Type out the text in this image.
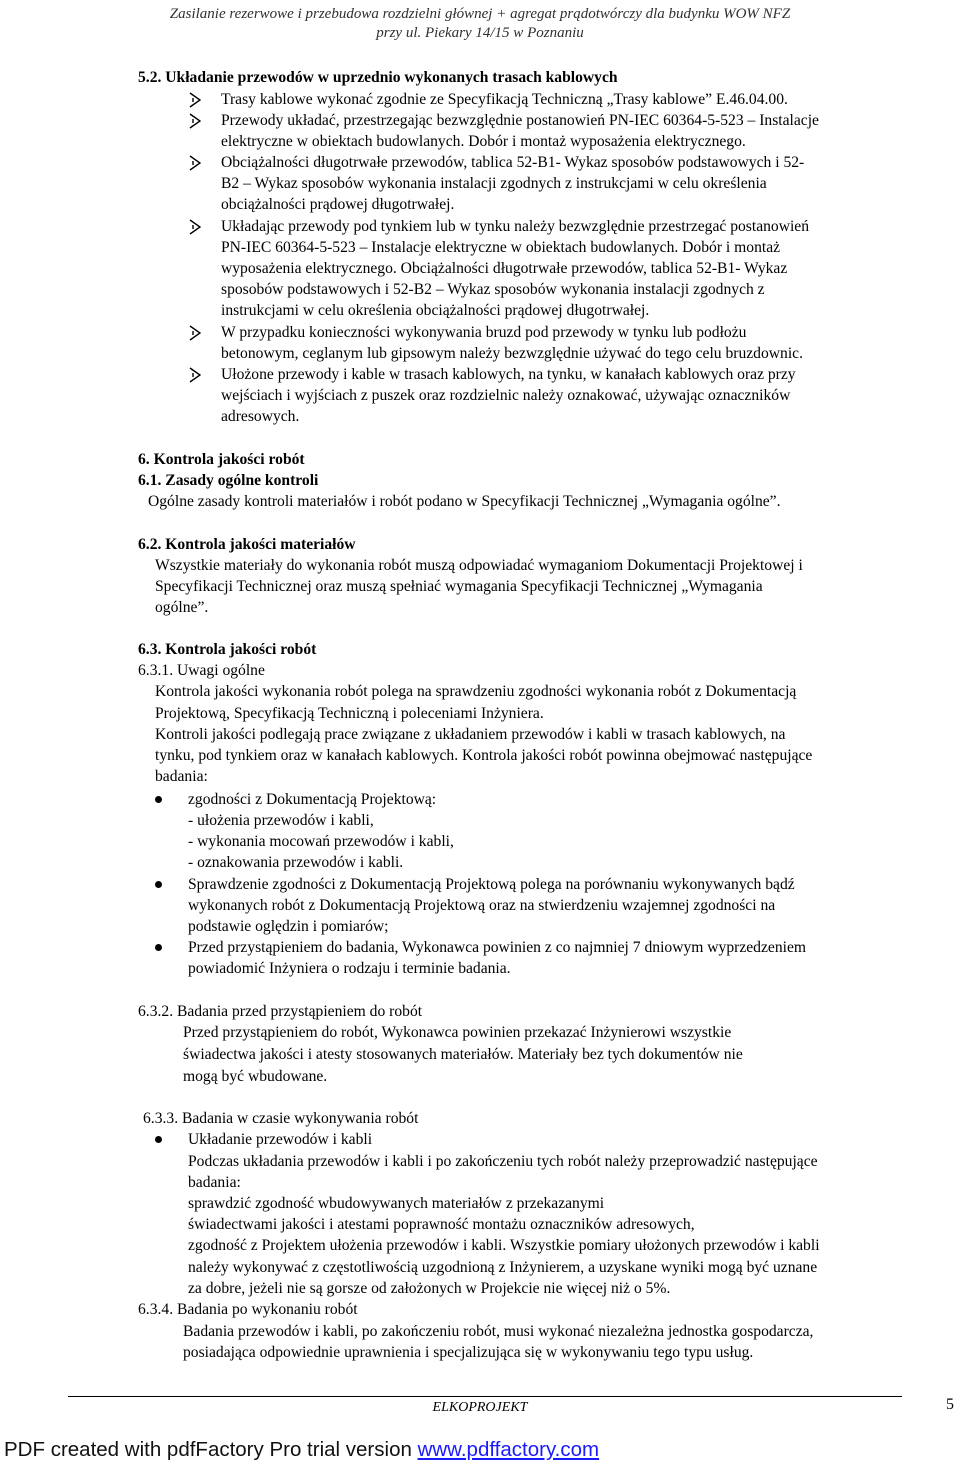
Zasilanie rezerwowe i przebudowa rozdzielni głównej + agregat prądotwórczy dla budynku WOW NFZ
przy ul. Piekary 14/15 w Poznaniu
5.2. Układanie przewodów w uprzednio wykonanych trasach kablowych
Trasy kablowe wykonać zgodnie ze Specyfikacją Techniczną „Trasy kablowe” E.46.04.00.
Przewody układać, przestrzegając bezwzględnie postanowień PN-IEC 60364-5-523 – Instalacje
elektryczne w obiektach budowlanych. Dobór i montaż wyposażenia elektrycznego.
Obciążalności długotrwałe przewodów, tablica 52-B1- Wykaz sposobów podstawowych i 52-
B2 – Wykaz sposobów wykonania instalacji zgodnych z instrukcjami w celu określenia
obciążalności prądowej długotrwałej.
Układając przewody pod tynkiem lub w tynku należy bezwzględnie przestrzegać postanowień
PN-IEC 60364-5-523 – Instalacje elektryczne w obiektach budowlanych. Dobór i montaż
wyposażenia elektrycznego. Obciążalności długotrwałe przewodów, tablica 52-B1- Wykaz
sposobów podstawowych i 52-B2 – Wykaz sposobów wykonania instalacji zgodnych z
instrukcjami w celu określenia obciążalności prądowej długotrwałej.
W przypadku konieczności wykonywania bruzd pod przewody w tynku lub podłożu
betonowym, ceglanym lub gipsowym należy bezwzględnie używać do tego celu bruzdownic.
Ułożone przewody i kable w trasach kablowych, na tynku, w kanałach kablowych oraz przy
wejściach i wyjściach z puszek oraz rozdzielnic należy oznakować, używając oznaczników
adresowych.
6. Kontrola jakości robót
6.1. Zasady ogólne kontroli
Ogólne zasady kontroli materiałów i robót podano w Specyfikacji Technicznej „Wymagania ogólne”.
6.2. Kontrola jakości materiałów
Wszystkie materiały do wykonania robót muszą odpowiadać wymaganiom Dokumentacji Projektowej i
Specyfikacji Technicznej oraz muszą spełniać wymagania Specyfikacji Technicznej „Wymagania
ogólne”.
6.3. Kontrola jakości robót
6.3.1. Uwagi ogólne
Kontrola jakości wykonania robót polega na sprawdzeniu zgodności wykonania robót z Dokumentacją
Projektową, Specyfikacją Techniczną i poleceniami Inżyniera.
Kontroli jakości podlegają prace związane z układaniem przewodów i kabli w trasach kablowych, na
tynku, pod tynkiem oraz w kanałach kablowych. Kontrola jakości robót powinna obejmować następujące
badania:
zgodności z Dokumentacją Projektową:
- ułożenia przewodów i kabli,
- wykonania mocowań przewodów i kabli,
- oznakowania przewodów i kabli.
Sprawdzenie zgodności z Dokumentacją Projektową polega na porównaniu wykonywanych bądź
wykonanych robót z Dokumentacją Projektową oraz na stwierdzeniu wzajemnej zgodności na
podstawie oględzin i pomiarów;
Przed przystąpieniem do badania, Wykonawca powinien z co najmniej 7 dniowym wyprzedzeniem
powiadomić Inżyniera o rodzaju i terminie badania.
6.3.2. Badania przed przystąpieniem do robót
Przed przystąpieniem do robót, Wykonawca powinien przekazać Inżynierowi wszystkie
świadectwa jakości i atesty stosowanych materiałów. Materiały bez tych dokumentów nie
mogą być wbudowane.
6.3.3. Badania w czasie wykonywania robót
Układanie przewodów i kabli
Podczas układania przewodów i kabli i po zakończeniu tych robót należy przeprowadzić następujące
badania:
sprawdzić zgodność wbudowywanych materiałów z przekazanymi
świadectwami jakości i atestami poprawność montażu oznaczników adresowych,
zgodność z Projektem ułożenia przewodów i kabli. Wszystkie pomiary ułożonych przewodów i kabli
należy wykonywać z częstotliwością uzgodnioną z Inżynierem, a uzyskane wyniki mogą być uznane
za dobre, jeżeli nie są gorsze od założonych w Projekcie nie więcej niż o 5%.
6.3.4. Badania po wykonaniu robót
Badania przewodów i kabli, po zakończeniu robót, musi wykonać niezależna jednostka gospodarcza,
posiadająca odpowiednie uprawnienia i specjalizująca się w wykonywaniu tego typu usług.
ELKOPROJEKT	5
PDF created with pdfFactory Pro trial version www.pdffactory.com
